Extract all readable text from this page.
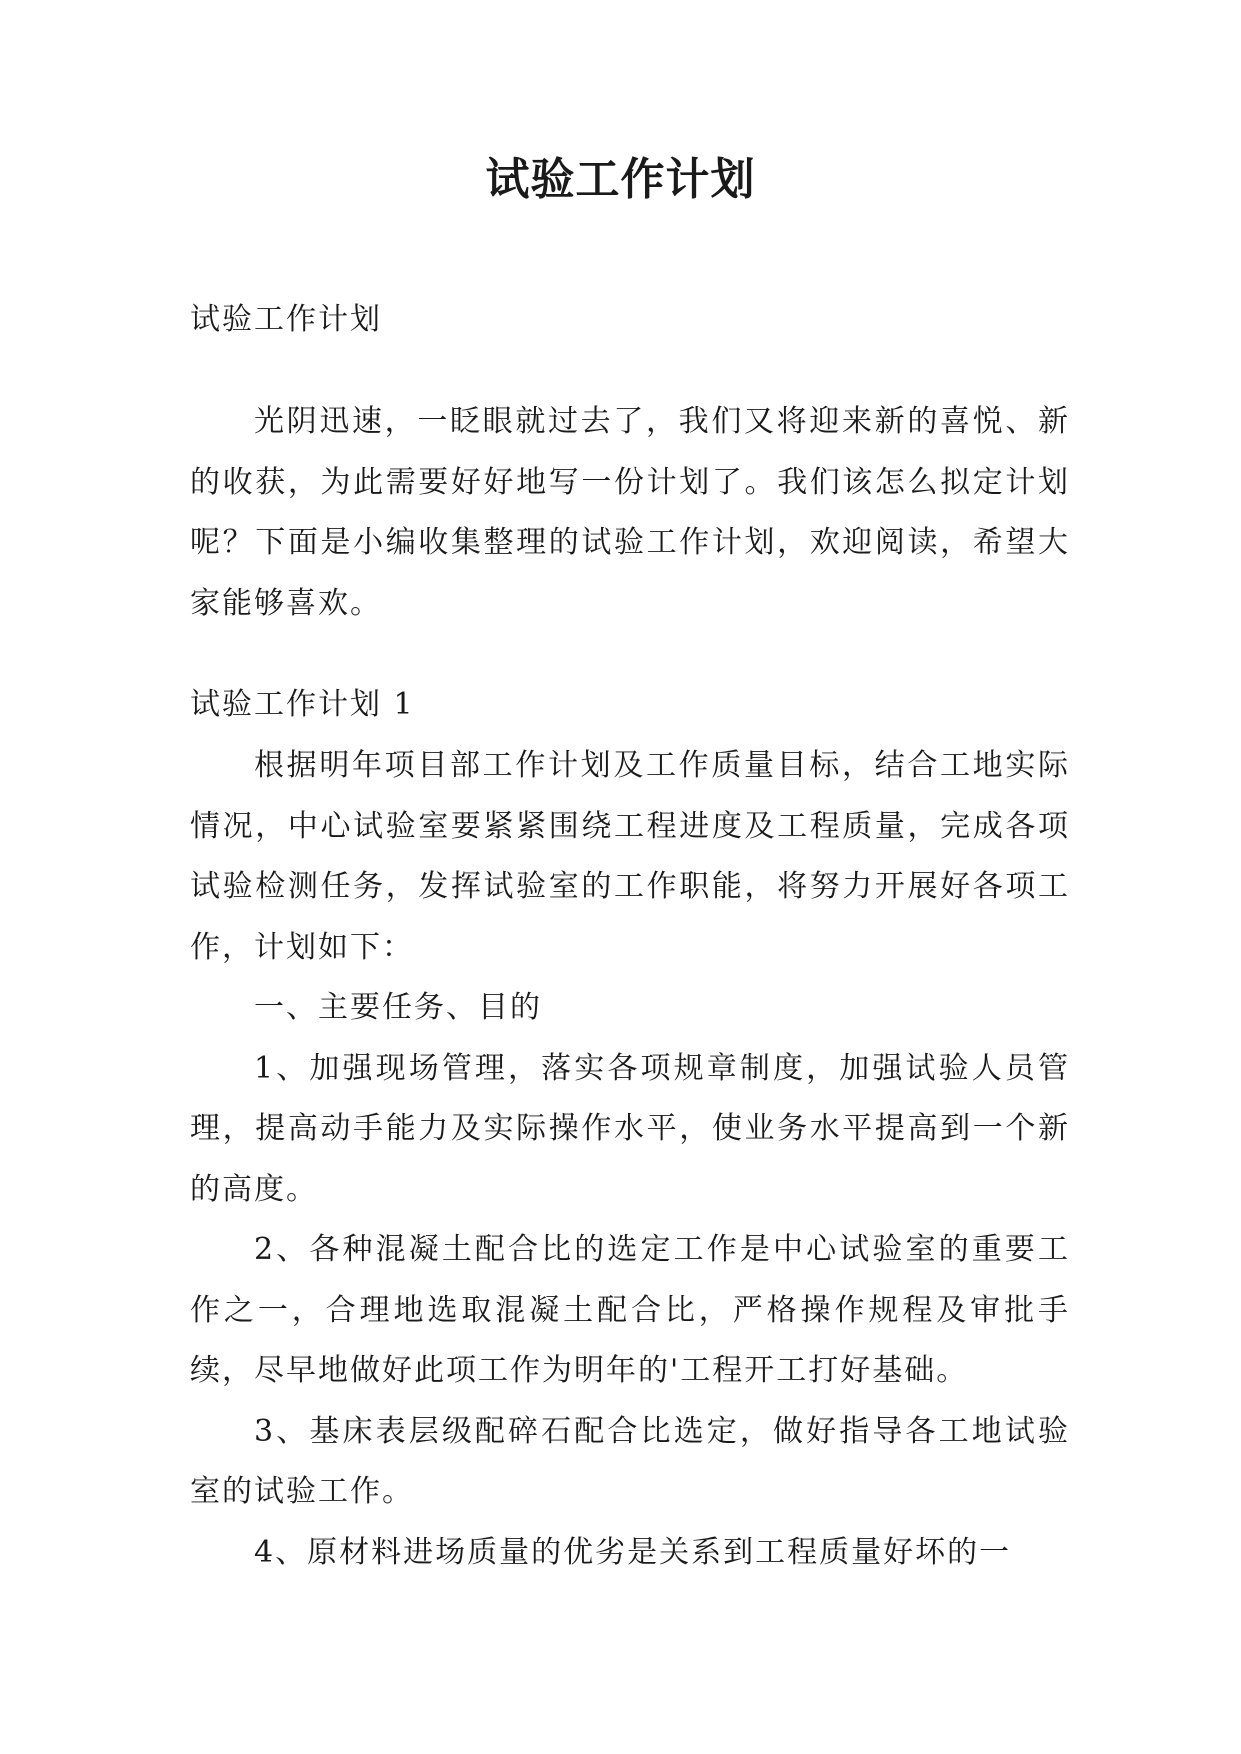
试验工作计划

试验工作计划

光阴迅速，一眨眼就过去了，我们又将迎来新的喜悦、新的收获，为此需要好好地写一份计划了。我们该怎么拟定计划呢？下面是小编收集整理的试验工作计划，欢迎阅读，希望大家能够喜欢。

试验工作计划 1

根据明年项目部工作计划及工作质量目标，结合工地实际情况，中心试验室要紧紧围绕工程进度及工程质量，完成各项试验检测任务，发挥试验室的工作职能，将努力开展好各项工作，计划如下：

一、主要任务、目的

1、加强现场管理，落实各项规章制度，加强试验人员管理，提高动手能力及实际操作水平，使业务水平提高到一个新的高度。

2、各种混凝土配合比的选定工作是中心试验室的重要工作之一，合理地选取混凝土配合比，严格操作规程及审批手续，尽早地做好此项工作为明年的'工程开工打好基础。

3、基床表层级配碎石配合比选定，做好指导各工地试验室的试验工作。

4、原材料进场质量的优劣是关系到工程质量好坏的一
